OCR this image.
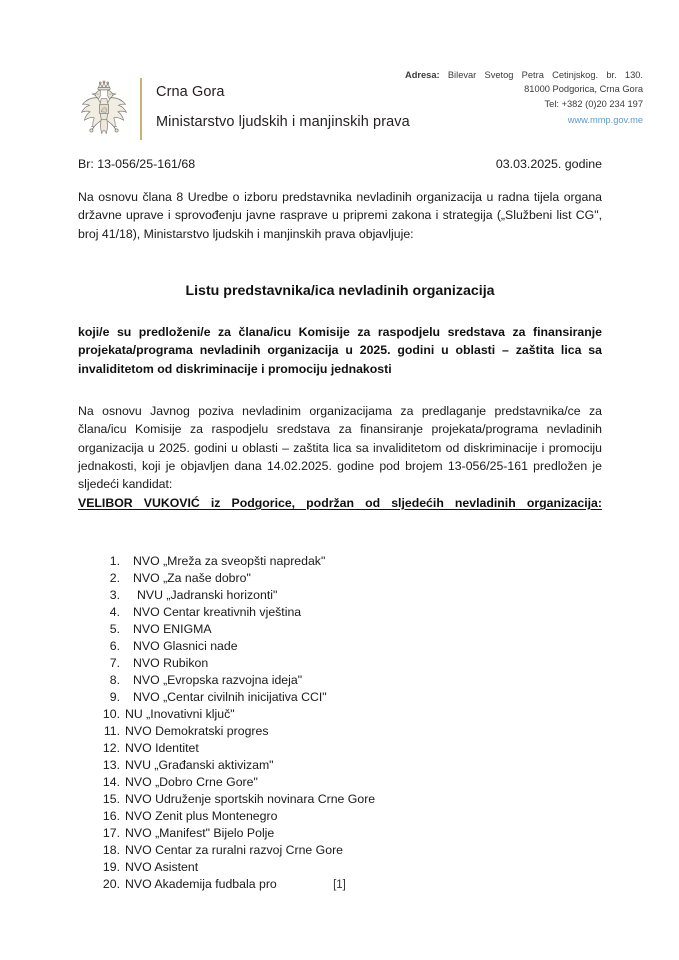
Crna Gora
Ministarstvo ljudskih i manjinskih prava
Adresa: Bilevar Svetog Petra Cetinjskog. br. 130.
81000 Podgorica, Crna Gora
Tel: +382 (0)20 234 197
www.mmp.gov.me
Br: 13-056/25-161/68	03.03.2025. godine
Na osnovu člana 8 Uredbe o izboru predstavnika nevladinih organizacija u radna tijela organa državne uprave i sprovođenju javne rasprave u pripremi zakona i strategija („Službeni list CG", broj 41/18), Ministarstvo ljudskih i manjinskih prava objavljuje:
Listu predstavnika/ica nevladinih organizacija
koji/e su predloženi/e za člana/icu Komisije za raspodjelu sredstava za finansiranje projekata/programa nevladinih organizacija u 2025. godini u oblasti – zaštita lica sa invaliditetom od diskriminacije i promociju jednakosti
Na osnovu Javnog poziva nevladinim organizacijama za predlaganje predstavnika/ce za člana/icu Komisije za raspodjelu sredstava za finansiranje projekata/programa nevladinih organizacija u 2025. godini u oblasti – zaštita lica sa invaliditetom od diskriminacije i promociju jednakosti, koji je objavljen dana 14.02.2025. godine pod brojem 13-056/25-161 predložen je sljedeći kandidat:
VELIBOR VUKOVIĆ iz Podgorice, podržan od sljedećih nevladinih organizacija:
1.	NVO „Mreža za sveopšti napredak"
2.	NVO „Za naše dobro"
3.	NVU „Jadranski horizonti"
4.	NVO Centar kreativnih vještina
5.	NVO ENIGMA
6.	NVO Glasnici nade
7.	NVO Rubikon
8.	NVO „Evropska razvojna ideja"
9.	NVO „Centar civilnih inicijativa CCI"
10. NU „Inovativni ključ"
11. NVO Demokratski progres
12. NVO Identitet
13. NVU „Građanski aktivizam"
14. NVO „Dobro Crne Gore"
15. NVO Udruženje sportskih novinara Crne Gore
16. NVO Zenit plus Montenegro
17. NVO „Manifest" Bijelo Polje
18. NVO Centar za ruralni razvoj Crne Gore
19. NVO Asistent
20. NVO Akademija fudbala pro	[1]
